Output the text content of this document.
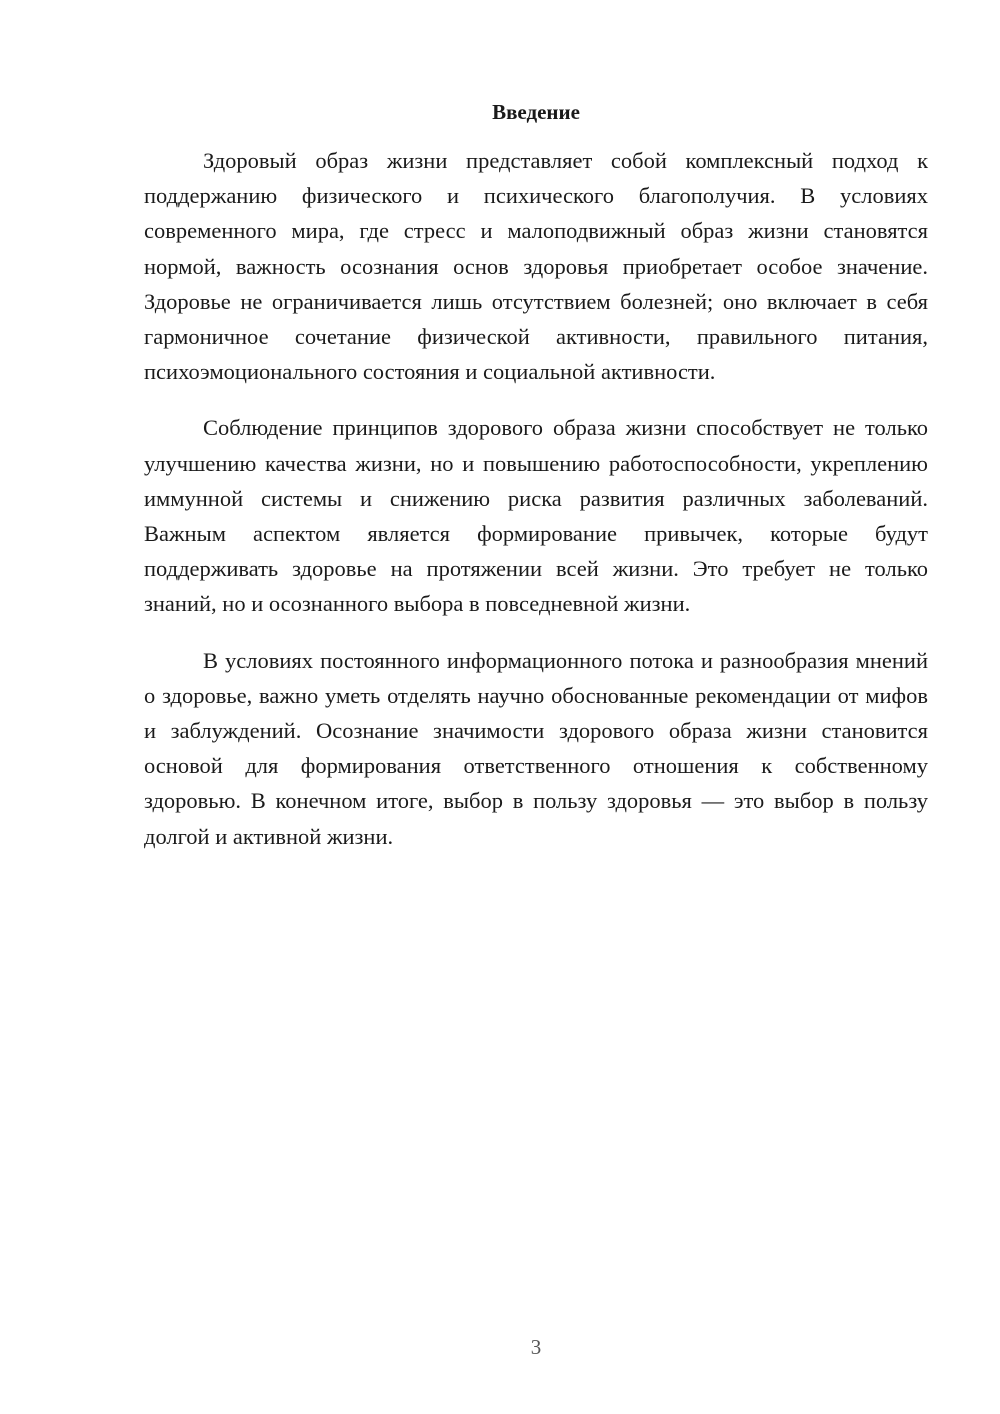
Введение

Здоровый образ жизни представляет собой комплексный подход к поддержанию физического и психического благополучия. В условиях современного мира, где стресс и малоподвижный образ жизни становятся нормой, важность осознания основ здоровья приобретает особое значение. Здоровье не ограничивается лишь отсутствием болезней; оно включает в себя гармоничное сочетание физической активности, правильного питания, психоэмоционального состояния и социальной активности.

Соблюдение принципов здорового образа жизни способствует не только улучшению качества жизни, но и повышению работоспособности, укреплению иммунной системы и снижению риска развития различных заболеваний. Важным аспектом является формирование привычек, которые будут поддерживать здоровье на протяжении всей жизни. Это требует не только знаний, но и осознанного выбора в повседневной жизни.

В условиях постоянного информационного потока и разнообразия мнений о здоровье, важно уметь отделять научно обоснованные рекомендации от мифов и заблуждений. Осознание значимости здорового образа жизни становится основой для формирования ответственного отношения к собственному здоровью. В конечном итоге, выбор в пользу здоровья — это выбор в пользу долгой и активной жизни.

3
